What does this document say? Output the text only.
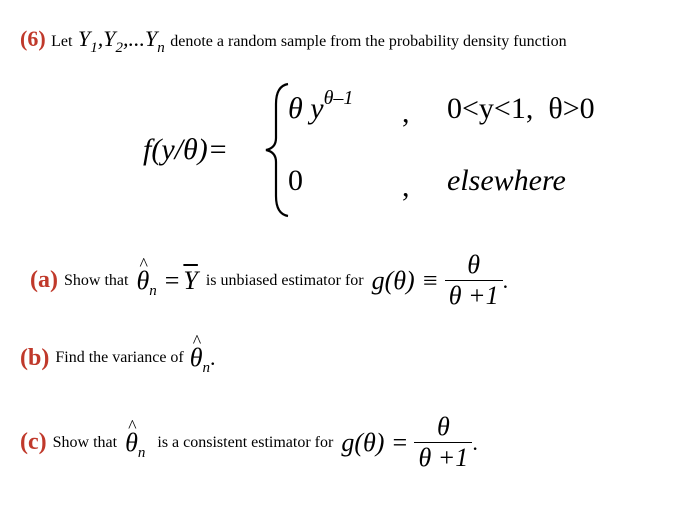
(6) Let $Y_1,Y_2,...Y_n$ denote a random sample from the probability density function
f(y/θ)=
θ $y^{\theta-1}$ , 0<y<1,  θ>0
0	, elsewhere
(a) Show that ^ $\theta_n = \overline{Y}$ is unbiased estimator for $g(\theta) \equiv \frac{\theta}{\theta +1}$ .
(b) Find the variance of ^ $\theta_n$ .
(c) Show that ^ $\theta_n$
is a consistent estimator for $g(\theta) = \frac{\theta}{\theta +1}$ .
